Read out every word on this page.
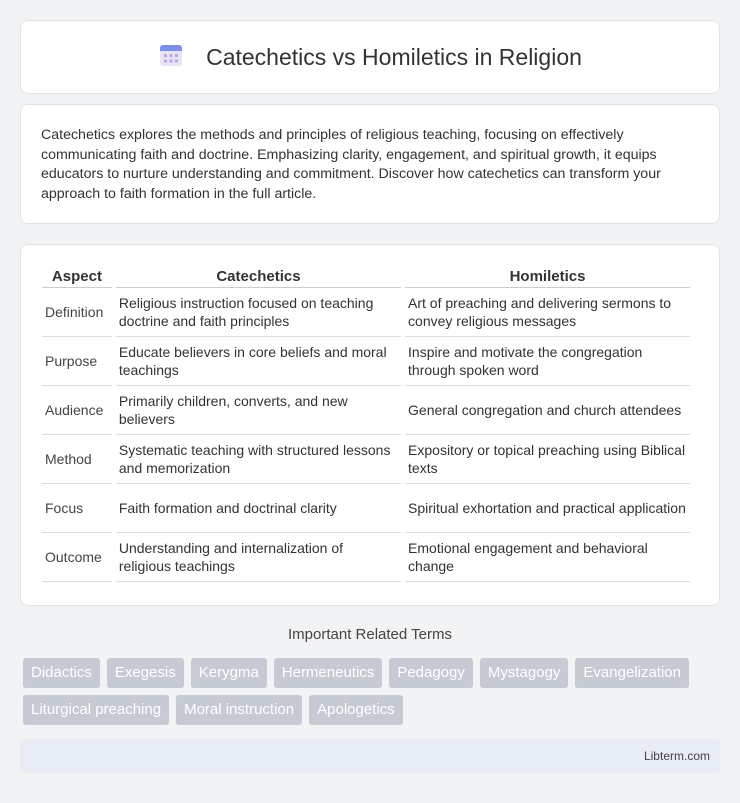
Catechetics vs Homiletics in Religion

Catechetics explores the methods and principles of religious teaching, focusing on effectively communicating faith and doctrine. Emphasizing clarity, engagement, and spiritual growth, it equips educators to nurture understanding and commitment. Discover how catechetics can transform your approach to faith formation in the full article.

Aspect	Catechetics	Homiletics
Definition	Religious instruction focused on teaching doctrine and faith principles	Art of preaching and delivering sermons to convey religious messages
Purpose	Educate believers in core beliefs and moral teachings	Inspire and motivate the congregation through spoken word
Audience	Primarily children, converts, and new believers	General congregation and church attendees
Method	Systematic teaching with structured lessons and memorization	Expository or topical preaching using Biblical texts
Focus	Faith formation and doctrinal clarity	Spiritual exhortation and practical application
Outcome	Understanding and internalization of religious teachings	Emotional engagement and behavioral change
Important Related Terms
Didactics	Exegesis	Kerygma	Hermeneutics	Pedagogy	Mystagogy	Evangelization
Liturgical preaching	Moral instruction	Apologetics
Libterm.com
